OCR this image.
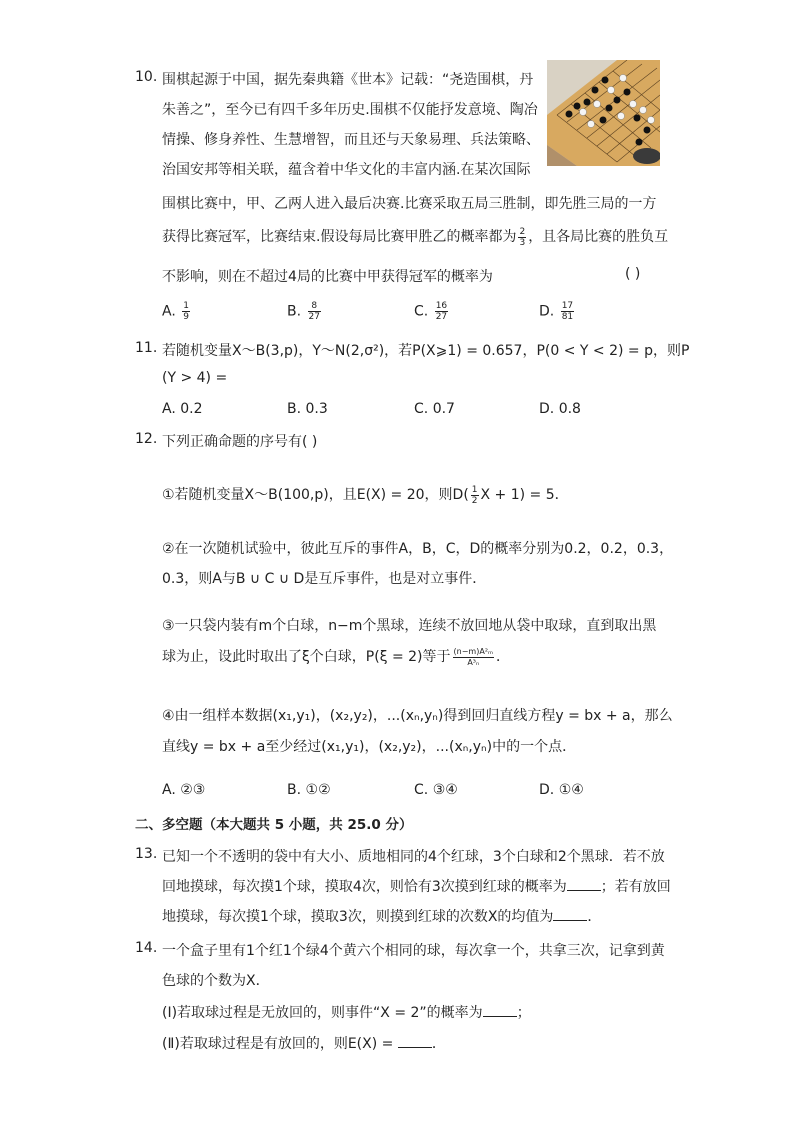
10. 围棋起源于中国，据先秦典籍《世本》记载：“尧造围棋，丹
朱善之”，至今已有四千多年历史.围棋不仅能抒发意境、陶冶
情操、修身养性、生慧增智，而且还与天象易理、兵法策略、
治国安邦等相关联，蕴含着中华文化的丰富内涵.在某次国际
围棋比赛中，甲、乙两人进入最后决赛.比赛采取五局三胜制，即先胜三局的一方
获得比赛冠军，比赛结束.假设每局比赛甲胜乙的概率都为 $\frac{2}{3}$ ，且各局比赛的胜负互
不影响，则在不超过4局的比赛中甲获得冠军的概率为	( )
A. $\frac{1}{9}$	B. $\frac{8}{27}$	C. $\frac{16}{27}$	D. $\frac{17}{81}$
11. 若随机变量X～B(3,p)，Y～N(2,σ²)，若P(X⩾1) = 0.657，P(0 < Y < 2) = p，则P
(Y > 4) =
A. 0.2	B. 0.3	C. 0.7	D. 0.8
12. 下列正确命题的序号有( )
①若随机变量X～B(100,p)，且E(X) = 20，则$D( \frac{1}{2}$ X + 1) = 5．
②在一次随机试验中，彼此互斥的事件A，B，C，D的概率分别为0.2，0.2，0.3，
0.3，则A与B ∪ C ∪ D是互斥事件，也是对立事件．
③一只袋内装有m个白球，n−m个黑球，连续不放回地从袋中取球，直到取出黑
球为止，设此时取出了ξ个白球，P(ξ = 2)等于 $\frac{\text{(n−m)A²ₘ}}{\text{A³ₙ}}$ ．
④由一组样本数据(x₁,y₁)，(x₂,y₂)，...(xₙ,yₙ)得到回归直线方程y = bx + a，那么
直线y = bx + a至少经过(x₁,y₁)，(x₂,y₂)，...(xₙ,yₙ)中的一个点．
A. ②③	B. ①②	C. ③④	D. ①④
二、多空题（本大题共 5 小题，共 25.0 分）
13. 已知一个不透明的袋中有大小、质地相同的4个红球，3个白球和2个黑球．若不放
回地摸球，每次摸1个球，摸取4次，则恰有3次摸到红球的概率为 ；若有放回
地摸球，每次摸1个球，摸取3次，则摸到红球的次数X的均值为 ．
14. 一个盒子里有1个红1个绿4个黄六个相同的球，每次拿一个，共拿三次，记拿到黄
色球的个数为X．
(Ⅰ)若取球过程是无放回的，则事件“X = 2”的概率为 ；
(Ⅱ)若取球过程是有放回的，则E(X) =	．
